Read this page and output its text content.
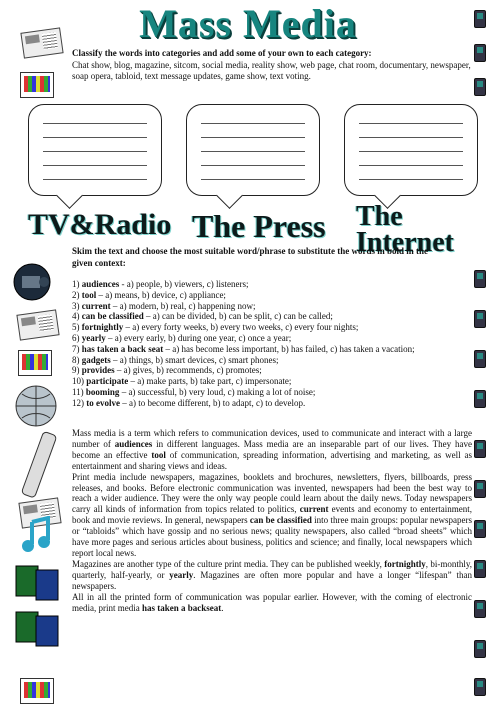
Mass Media
Classify the words into categories and add some of your own to each category:
Chat show, blog, magazine, sitcom, social media, reality show, web page, chat room, documentary, newspaper, soap opera, tabloid, text message updates, game show, text voting.
TV&Radio The Press The Internet
Skim the text and choose the most suitable word/phrase to substitute the words in bold in the given context:
1) audiences - a) people, b) viewers, c) listeners;
2) tool – a) means, b) device, c) appliance;
3) current – a) modern, b) real, c) happening now;
4) can be classified – a) can be divided, b) can be split, c) can be called;
5) fortnightly – a) every forty weeks, b) every two weeks, c) every four nights;
6) yearly – a) every early, b) during one year, c) once a year;
7) has taken a back seat – a) has become less important, b) has failed, c) has taken a vacation;
8) gadgets – a) things, b) smart devices, c) smart phones;
9) provides – a) gives, b) recommends, c) promotes;
10) participate – a) make parts, b) take part, c) impersonate;
11) booming – a) successful, b) very loud, c) making a lot of noise;
12) to evolve – a) to become different, b) to adapt, c) to develop.

Mass media is a term which refers to communication devices, used to communicate and interact with a large number of audiences in different languages. Mass media are an inseparable part of our lives. They have become an effective tool of communication, spreading information, advertising and marketing, as well as entertainment and sharing views and ideas.

Print media include newspapers, magazines, booklets and brochures, newsletters, flyers, billboards, press releases, and books. Before electronic communication was invented, newspapers had been the best way to reach a wider audience. They were the only way people could learn about the daily news. Today newspapers carry all kinds of information from topics related to politics, current events and economy to entertainment, book and movie reviews. In general, newspapers can be classified into three main groups: popular newspapers or “tabloids” which have gossip and no serious news; quality newspapers, also called “broad sheets” which have more pages and serious articles about business, politics and science; and finally, local newspapers which report local news.

Magazines are another type of the culture print media. They can be published weekly, fortnightly, bi-monthly, quarterly, half-yearly, or yearly. Magazines are often more popular and have a longer “lifespan” than newspapers.

All in all the printed form of communication was popular earlier. However, with the coming of electronic media, print media has taken a backseat.
